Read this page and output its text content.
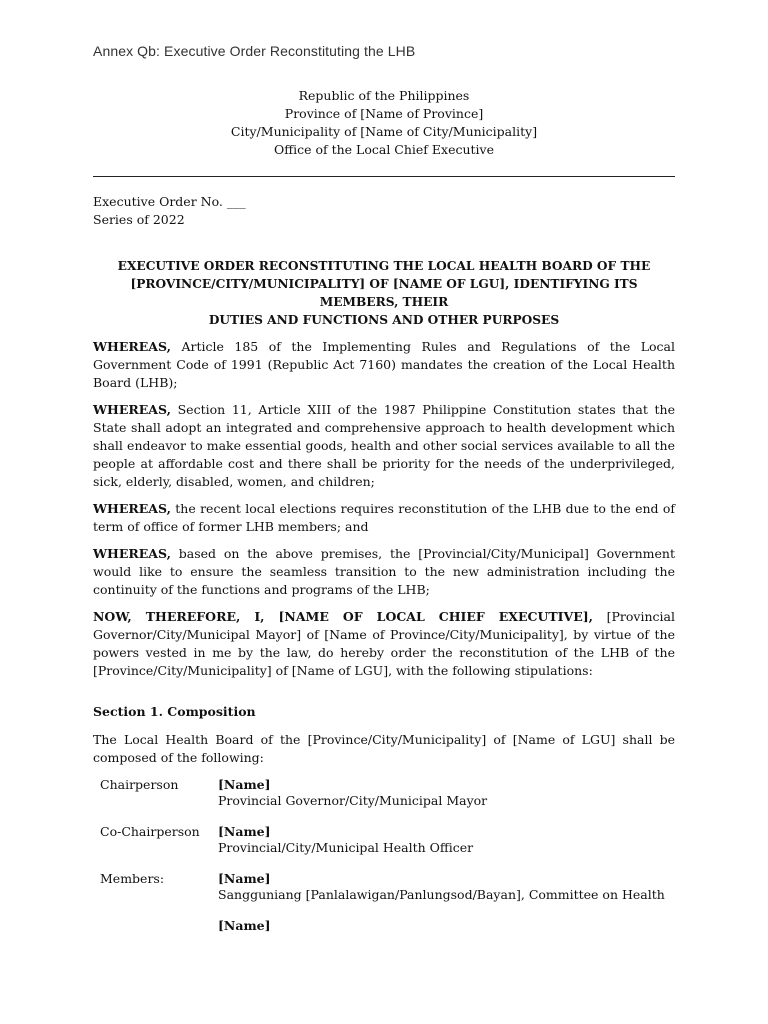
Annex Qb: Executive Order Reconstituting the LHB
Republic of the Philippines
Province of [Name of Province]
City/Municipality of [Name of City/Municipality]
Office of the Local Chief Executive
Executive Order No. ___
Series of 2022
EXECUTIVE ORDER RECONSTITUTING THE LOCAL HEALTH BOARD OF THE
[PROVINCE/CITY/MUNICIPALITY] OF [NAME OF LGU], IDENTIFYING ITS MEMBERS, THEIR
DUTIES AND FUNCTIONS AND OTHER PURPOSES

WHEREAS, Article 185 of the Implementing Rules and Regulations of the Local Government Code of 1991 (Republic Act 7160) mandates the creation of the Local Health Board (LHB);

WHEREAS, Section 11, Article XIII of the 1987 Philippine Constitution states that the State shall adopt an integrated and comprehensive approach to health development which shall endeavor to make essential goods, health and other social services available to all the people at affordable cost and there shall be priority for the needs of the underprivileged, sick, elderly, disabled, women, and children;

WHEREAS, the recent local elections requires reconstitution of the LHB due to the end of term of office of former LHB members; and

WHEREAS, based on the above premises, the [Provincial/City/Municipal] Government would like to ensure the seamless transition to the new administration including the continuity of the functions and programs of the LHB;

NOW, THEREFORE, I, [NAME OF LOCAL CHIEF EXECUTIVE], [Provincial Governor/City/Municipal Mayor] of [Name of Province/City/Municipality], by virtue of the powers vested in me by the law, do hereby order the reconstitution of the LHB of the [Province/City/Municipality] of [Name of LGU], with the following stipulations:

Section 1. Composition
The Local Health Board of the [Province/City/Municipality] of [Name of LGU] shall be composed of the following:
Chairperson	[Name]
Provincial Governor/City/Municipal Mayor
Co-Chairperson [Name]
Provincial/City/Municipal Health Officer
Members:	[Name]
Sangguniang [Panlalawigan/Panlungsod/Bayan], Committee on Health
[Name]
